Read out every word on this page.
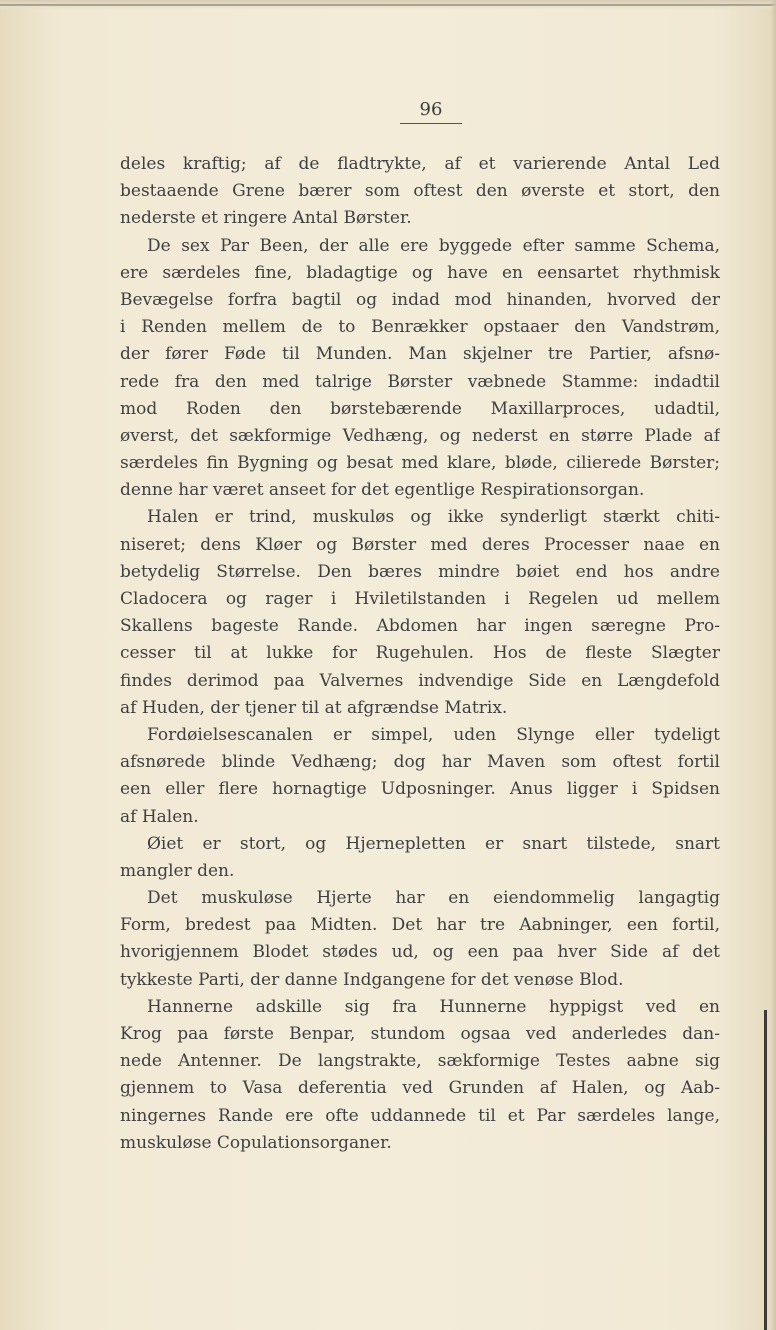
96
deles kraftig; af de fladtrykte, af et varierende Antal Led
bestaaende Grene bærer som oftest den øverste et stort, den
nederste et ringere Antal Børster.
De sex Par Been, der alle ere byggede efter samme Schema,
ere særdeles fine, bladagtige og have en eensartet rhythmisk
Bevægelse forfra bagtil og indad mod hinanden, hvorved der
i Renden mellem de to Benrækker opstaaer den Vandstrøm,
der fører Føde til Munden. Man skjelner tre Partier, afsnø-
rede fra den med talrige Børster væbnede Stamme: indadtil
mod Roden den børstebærende Maxillarproces, udadtil,
øverst, det sækformige Vedhæng, og nederst en større Plade af
særdeles fin Bygning og besat med klare, bløde, cilierede Børster;
denne har været anseet for det egentlige Respirationsorgan.
Halen er trind, muskuløs og ikke synderligt stærkt chiti-
niseret; dens Kløer og Børster med deres Processer naae en
betydelig Størrelse. Den bæres mindre bøiet end hos andre
Cladocera og rager i Hviletilstanden i Regelen ud mellem
Skallens bageste Rande. Abdomen har ingen særegne Pro-
cesser til at lukke for Rugehulen. Hos de fleste Slægter
findes derimod paa Valvernes indvendige Side en Længdefold
af Huden, der tjener til at afgrændse Matrix.
Fordøielsescanalen er simpel, uden Slynge eller tydeligt
afsnørede blinde Vedhæng; dog har Maven som oftest fortil
een eller flere hornagtige Udposninger. Anus ligger i Spidsen
af Halen.
Øiet er stort, og Hjernepletten er snart tilstede, snart
mangler den.
Det muskuløse Hjerte har en eiendommelig langagtig
Form, bredest paa Midten. Det har tre Aabninger, een fortil,
hvorigjennem Blodet stødes ud, og een paa hver Side af det
tykkeste Parti, der danne Indgangene for det venøse Blod.
Hannerne adskille sig fra Hunnerne hyppigst ved en
Krog paa første Benpar, stundom ogsaa ved anderledes dan-
nede Antenner. De langstrakte, sækformige Testes aabne sig
gjennem to Vasa deferentia ved Grunden af Halen, og Aab-
ningernes Rande ere ofte uddannede til et Par særdeles lange,
muskuløse Copulationsorganer.
